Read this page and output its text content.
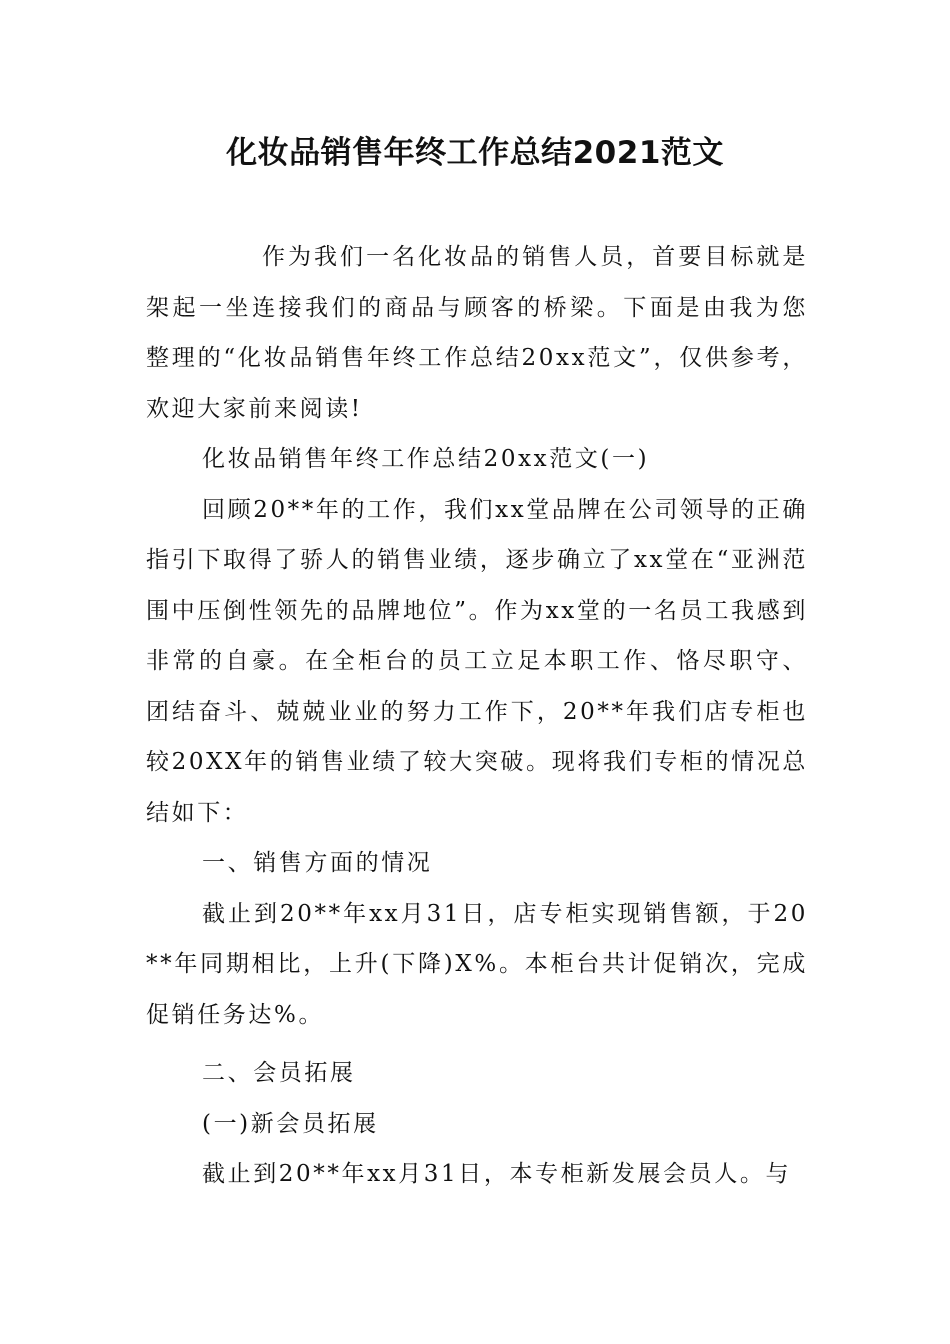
化妆品销售年终工作总结2021范文

作为我们一名化妆品的销售人员，首要目标就是架起一坐连接我们的商品与顾客的桥梁。下面是由我为您整理的“化妆品销售年终工作总结20xx范文”，仅供参考，欢迎大家前来阅读!

化妆品销售年终工作总结20xx范文(一)

回顾20**年的工作，我们xx堂品牌在公司领导的正确指引下取得了骄人的销售业绩，逐步确立了xx堂在“亚洲范围中压倒性领先的品牌地位”。作为xx堂的一名员工我感到非常的自豪。在全柜台的员工立足本职工作、恪尽职守、团结奋斗、兢兢业业的努力工作下，20**年我们店专柜也较20XX年的销售业绩了较大突破。现将我们专柜的情况总结如下：

一、销售方面的情况

截止到20**年xx月31日，店专柜实现销售额，于20**年同期相比，上升(下降)X%。本柜台共计促销次，完成促销任务达%。

二、会员拓展

(一)新会员拓展

截止到20**年xx月31日，本专柜新发展会员人。与
